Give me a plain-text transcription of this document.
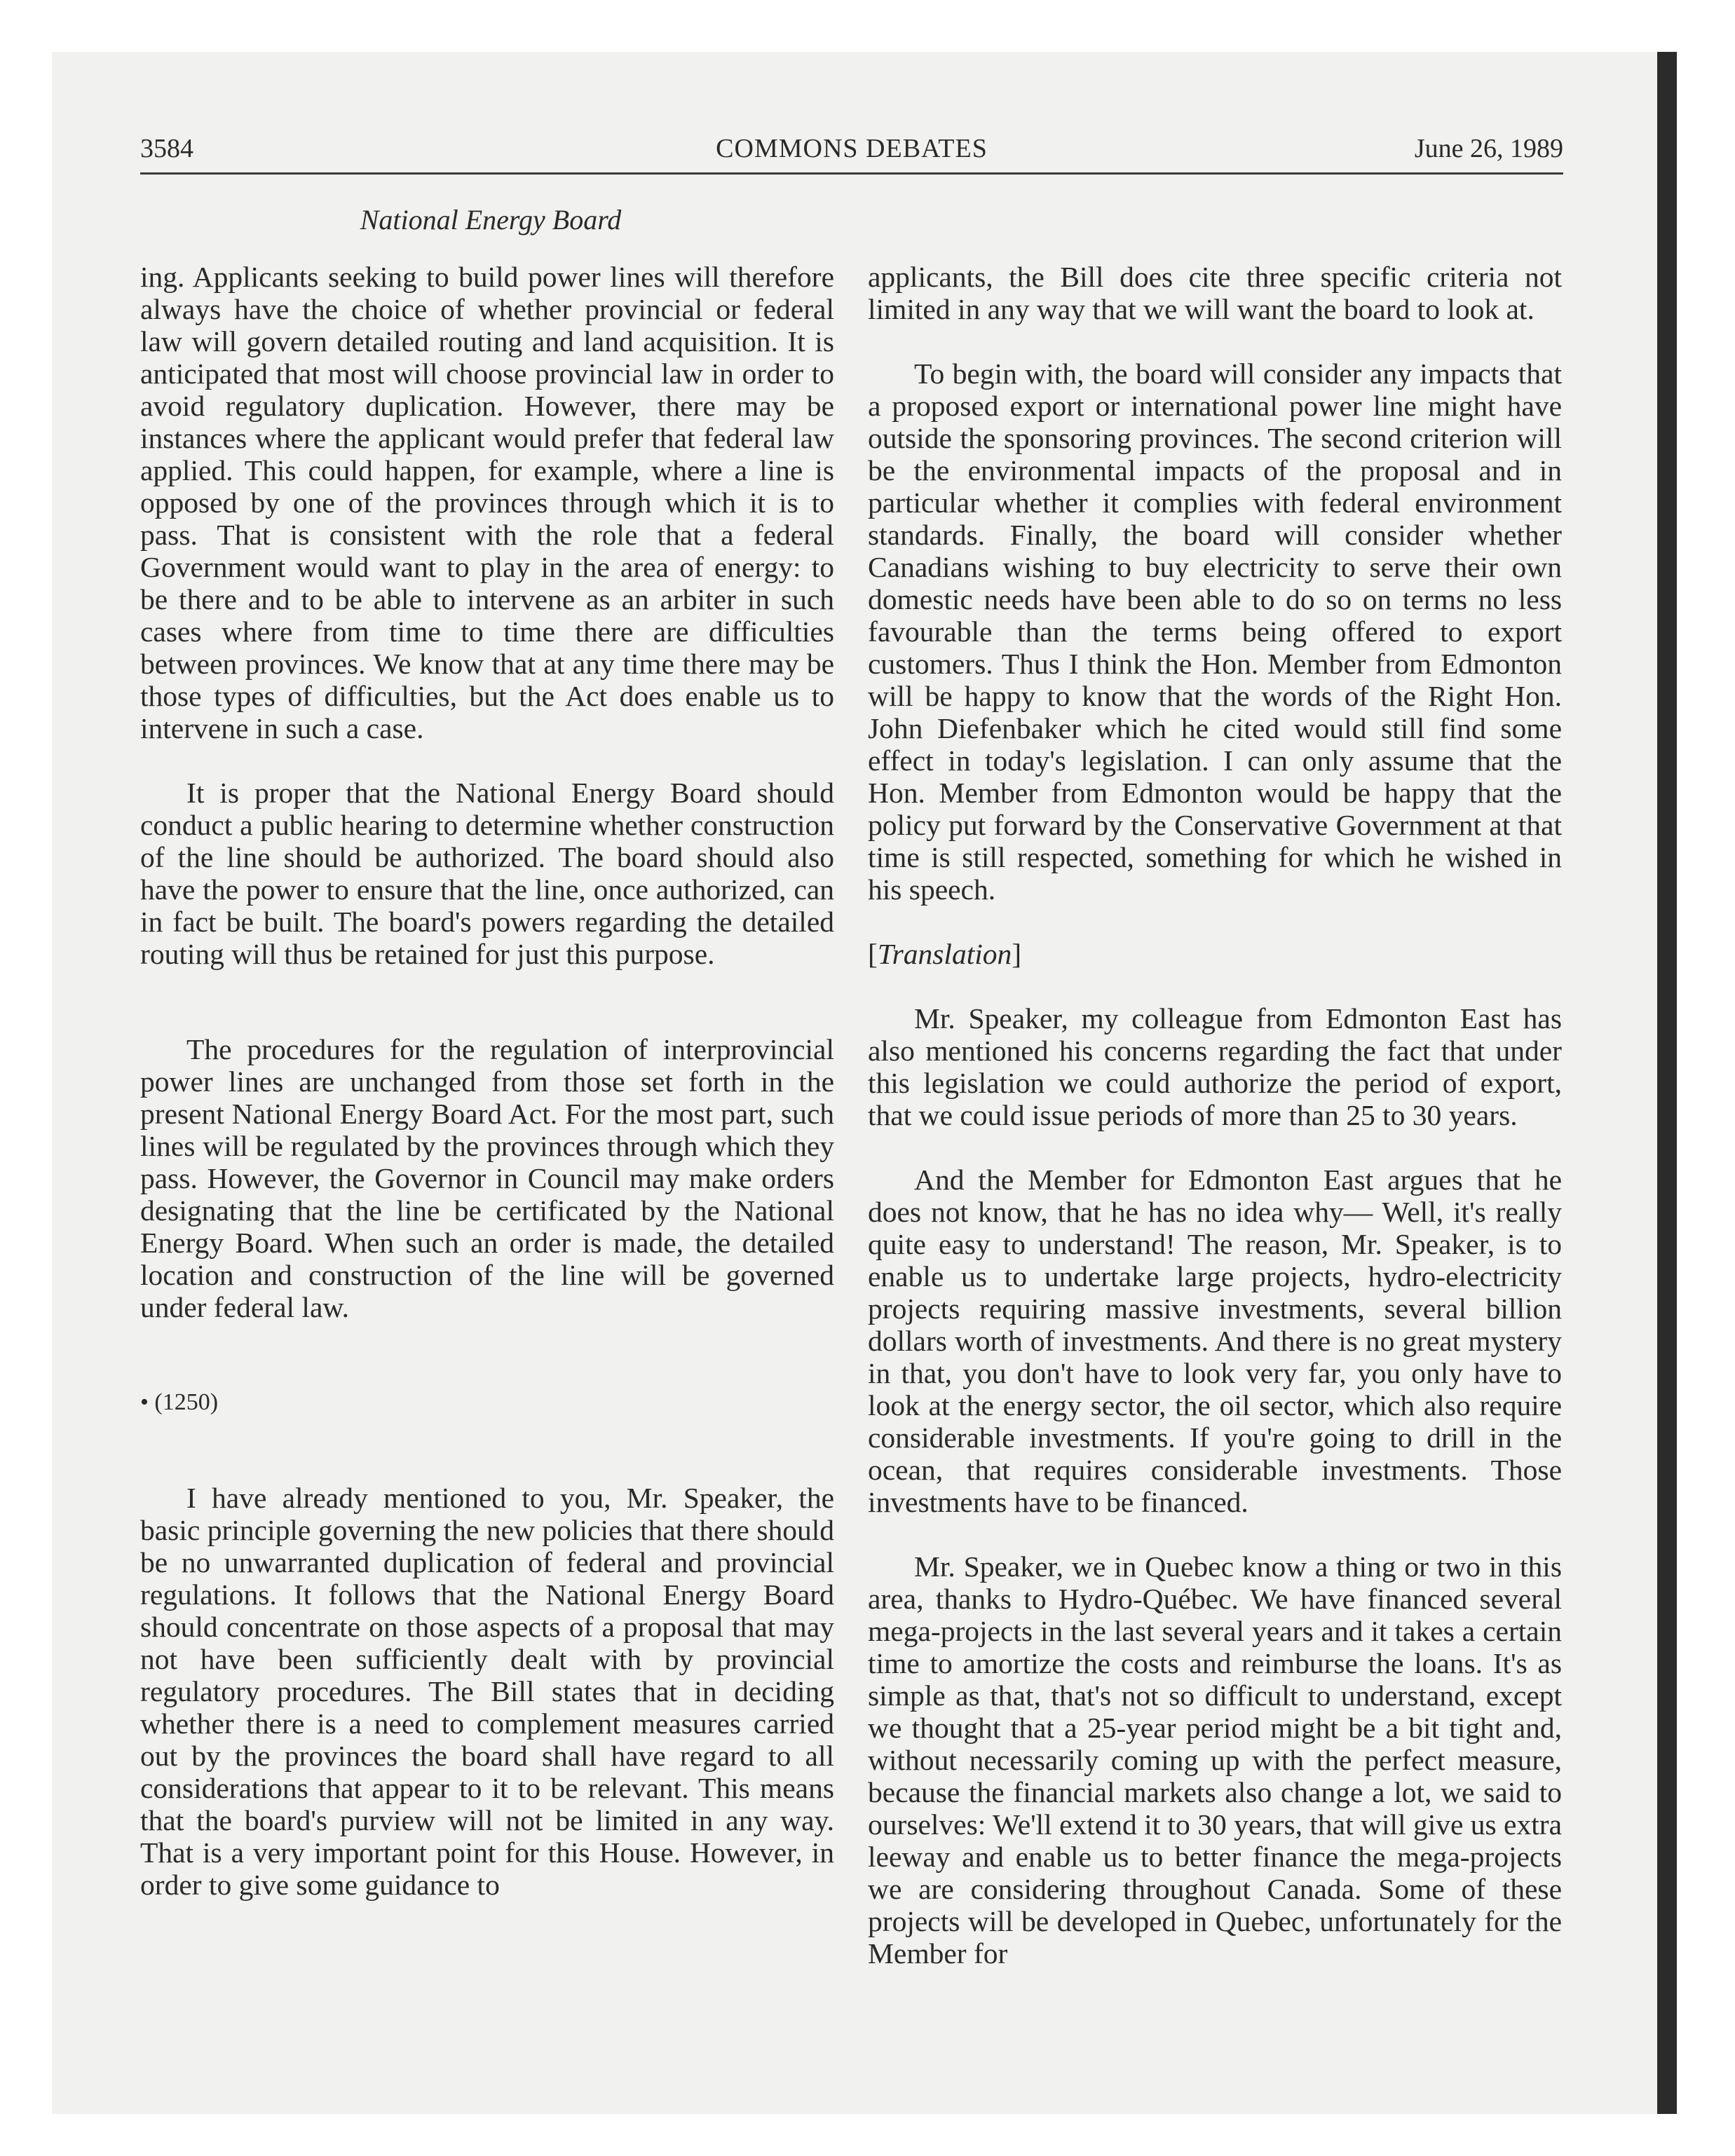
3584	COMMONS DEBATES	June 26, 1989
National Energy Board

ing. Applicants seeking to build power lines will therefore always have the choice of whether provincial or federal law will govern detailed routing and land acquisition. It is anticipated that most will choose provincial law in order to avoid regulatory duplication. However, there may be instances where the applicant would prefer that federal law applied. This could happen, for example, where a line is opposed by one of the provinces through which it is to pass. That is consistent with the role that a federal Government would want to play in the area of energy: to be there and to be able to intervene as an arbiter in such cases where from time to time there are difficulties between provinces. We know that at any time there may be those types of difficulties, but the Act does enable us to intervene in such a case.

It is proper that the National Energy Board should conduct a public hearing to determine whether construction of the line should be authorized. The board should also have the power to ensure that the line, once authorized, can in fact be built. The board's powers regarding the detailed routing will thus be retained for just this purpose.

The procedures for the regulation of interprovincial power lines are unchanged from those set forth in the present National Energy Board Act. For the most part, such lines will be regulated by the provinces through which they pass. However, the Governor in Council may make orders designating that the line be certificated by the National Energy Board. When such an order is made, the detailed location and construction of the line will be governed under federal law.

• (1250)

I have already mentioned to you, Mr. Speaker, the basic principle governing the new policies that there should be no unwarranted duplication of federal and provincial regulations. It follows that the National Energy Board should concentrate on those aspects of a proposal that may not have been sufficiently dealt with by provincial regulatory procedures. The Bill states that in deciding whether there is a need to complement measures carried out by the provinces the board shall have regard to all considerations that appear to it to be relevant. This means that the board's purview will not be limited in any way. That is a very important point for this House. However, in order to give some guidance to

applicants, the Bill does cite three specific criteria not limited in any way that we will want the board to look at.

To begin with, the board will consider any impacts that a proposed export or international power line might have outside the sponsoring provinces. The second criterion will be the environmental impacts of the proposal and in particular whether it complies with federal environment standards. Finally, the board will consider whether Canadians wishing to buy electricity to serve their own domestic needs have been able to do so on terms no less favourable than the terms being offered to export customers. Thus I think the Hon. Member from Edmonton will be happy to know that the words of the Right Hon. John Diefenbaker which he cited would still find some effect in today's legislation. I can only assume that the Hon. Member from Edmonton would be happy that the policy put forward by the Conservative Government at that time is still respected, something for which he wished in his speech.

[Translation]

Mr. Speaker, my colleague from Edmonton East has also mentioned his concerns regarding the fact that under this legislation we could authorize the period of export, that we could issue periods of more than 25 to 30 years.

And the Member for Edmonton East argues that he does not know, that he has no idea why— Well, it's really quite easy to understand! The reason, Mr. Speaker, is to enable us to undertake large projects, hydro-electricity projects requiring massive investments, several billion dollars worth of investments. And there is no great mystery in that, you don't have to look very far, you only have to look at the energy sector, the oil sector, which also require considerable investments. If you're going to drill in the ocean, that requires considerable investments. Those investments have to be financed.

Mr. Speaker, we in Quebec know a thing or two in this area, thanks to Hydro-Québec. We have financed several mega-projects in the last several years and it takes a certain time to amortize the costs and reimburse the loans. It's as simple as that, that's not so difficult to understand, except we thought that a 25-year period might be a bit tight and, without necessarily coming up with the perfect measure, because the financial markets also change a lot, we said to ourselves: We'll extend it to 30 years, that will give us extra leeway and enable us to better finance the mega-projects we are considering throughout Canada. Some of these projects will be developed in Quebec, unfortunately for the Member for
